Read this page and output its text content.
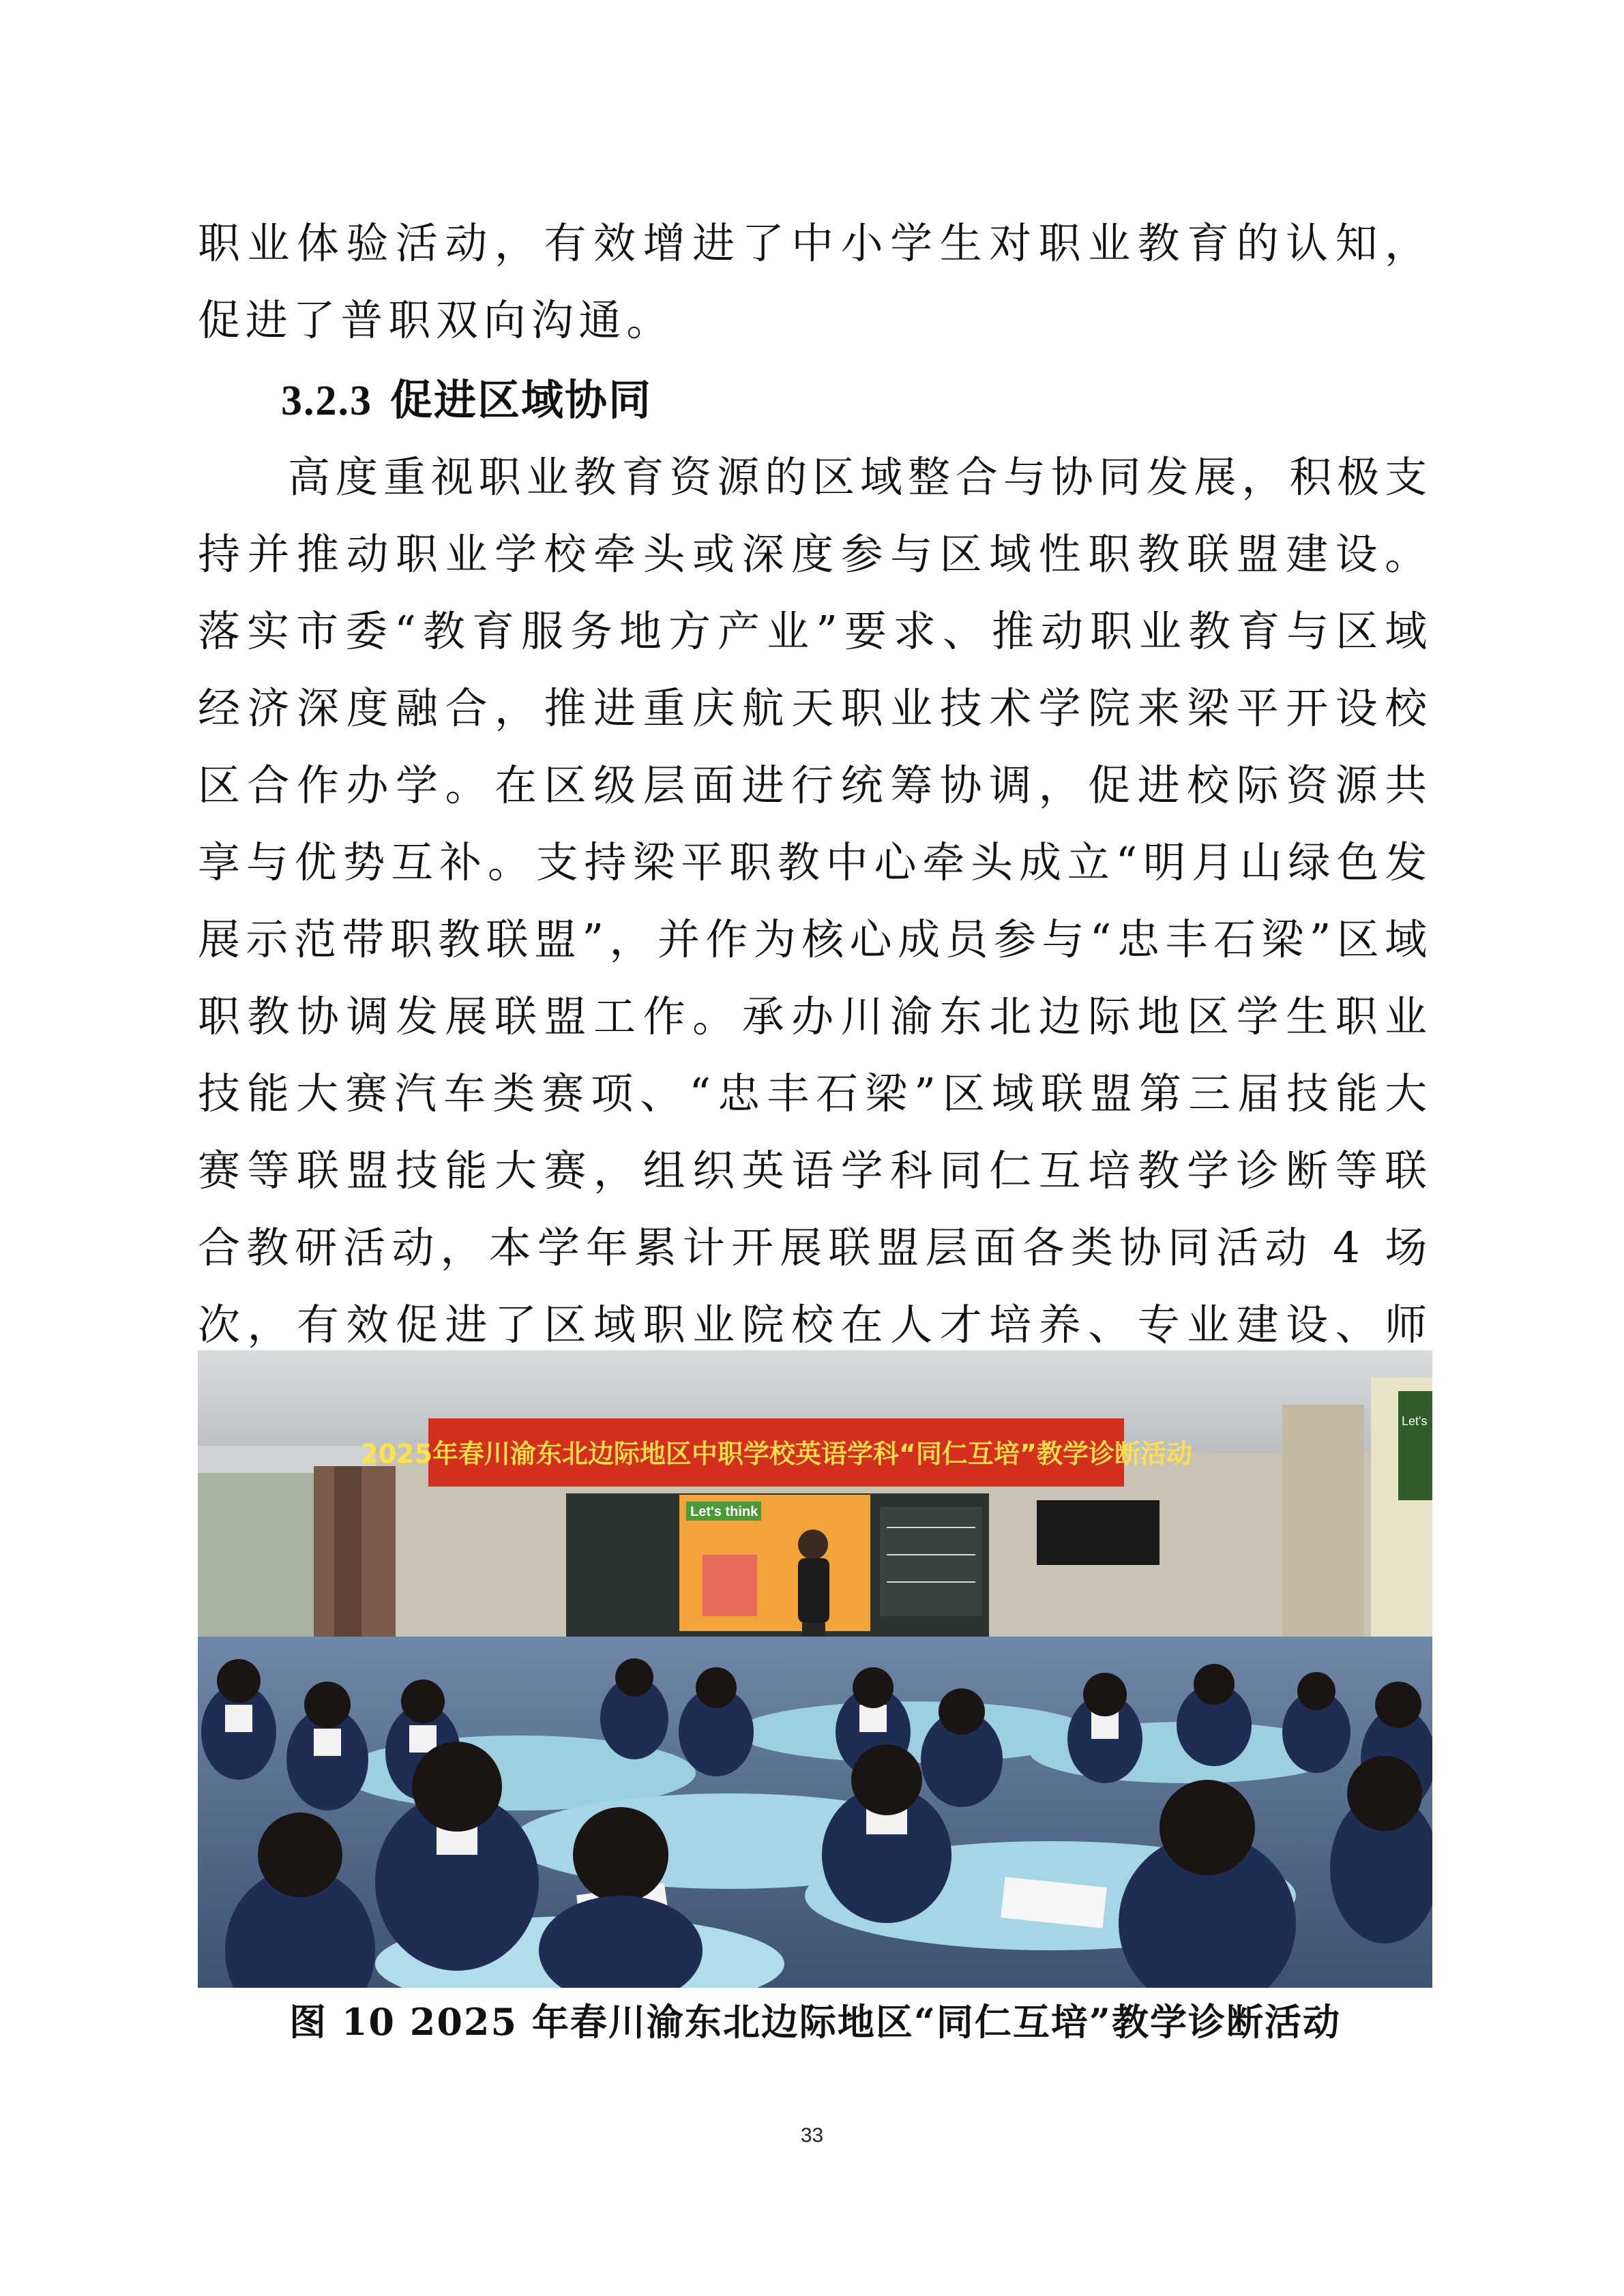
职业体验活动，有效增进了中小学生对职业教育的认知，促进了普职双向沟通。

3.2.3 促进区域协同

高度重视职业教育资源的区域整合与协同发展，积极支持并推动职业学校牵头或深度参与区域性职教联盟建设。落实市委“教育服务地方产业”要求、推动职业教育与区域经济深度融合，推进重庆航天职业技术学院来梁平开设校区合作办学。在区级层面进行统筹协调，促进校际资源共享与优势互补。支持梁平职教中心牵头成立“明月山绿色发展示范带职教联盟”，并作为核心成员参与“忠丰石梁”区域职教协调发展联盟工作。承办川渝东北边际地区学生职业技能大赛汽车类赛项、“忠丰石梁”区域联盟第三届技能大赛等联盟技能大赛，组织英语学科同仁互培教学诊断等联合教研活动，本学年累计开展联盟层面各类协同活动 4 场次，有效促进了区域职业院校在人才培养、专业建设、师

2025年春川渝东北边际地区中职学校英语学科“同仁互培”教学诊断活动
Let's think
Let's

图 10 2025 年春川渝东北边际地区“同仁互培”教学诊断活动

33
